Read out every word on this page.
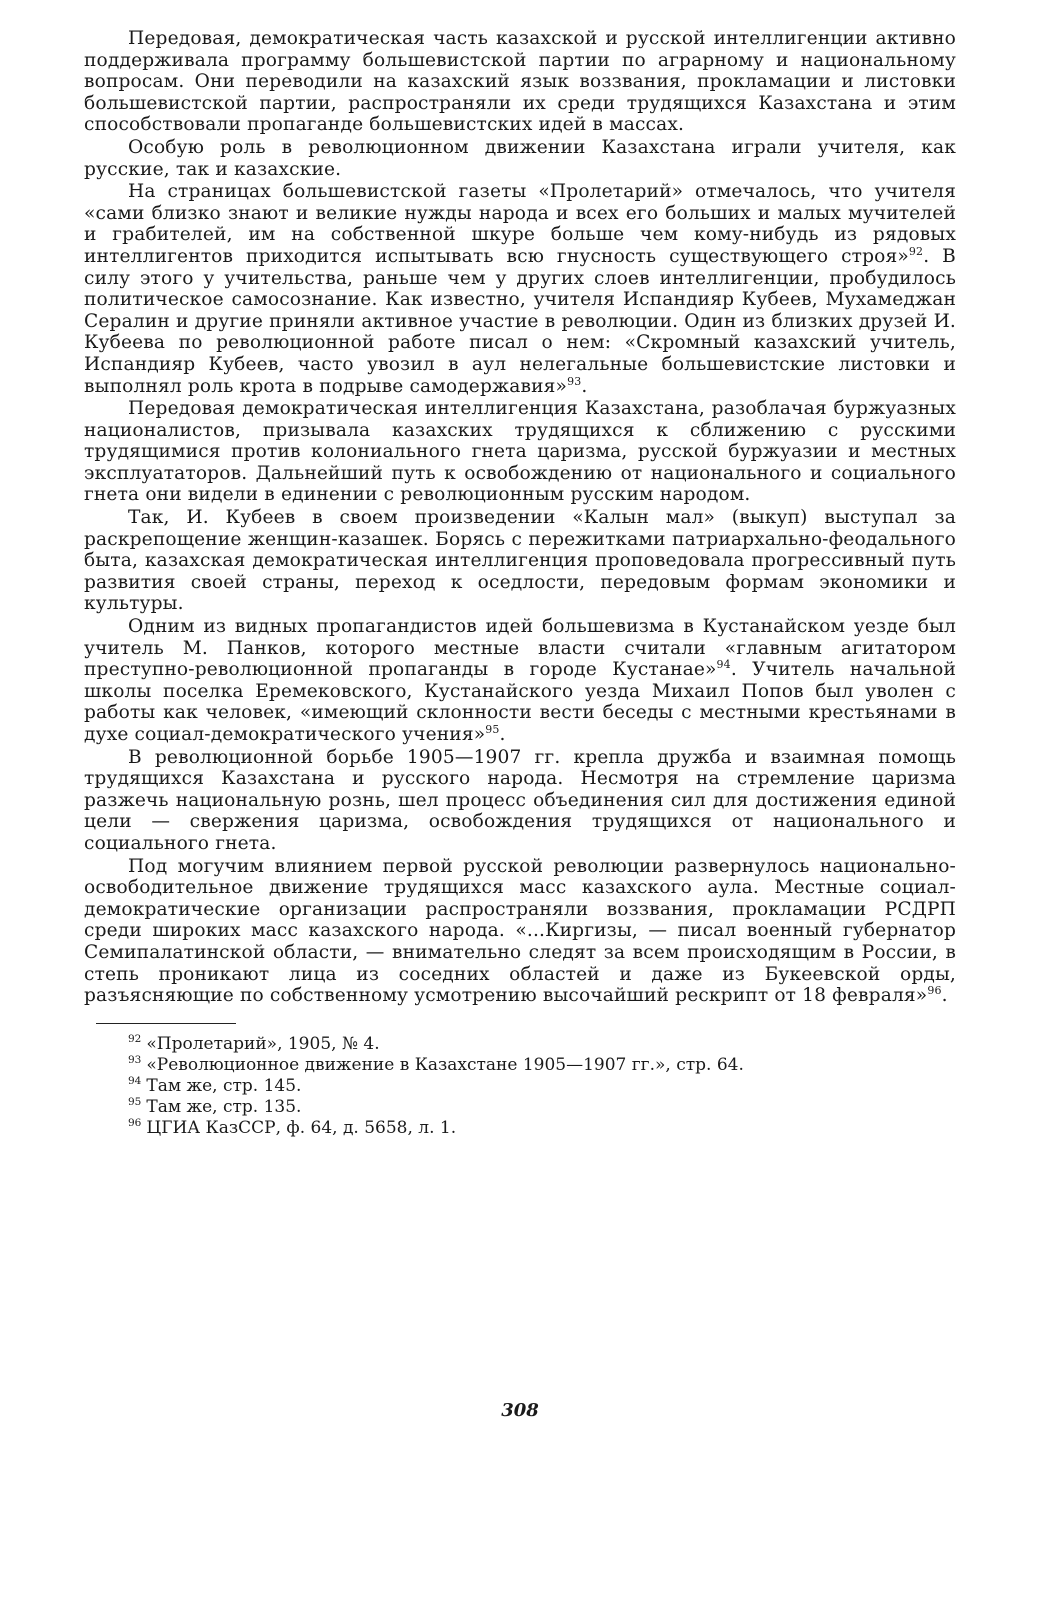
Передовая, демократическая часть казахской и русской интеллигенции активно поддерживала программу большевистской партии по аграрному и национальному вопросам. Они переводили на казахский язык воззвания, прокламации и листовки большевистской партии, распространяли их среди трудящихся Казахстана и этим способствовали пропаганде большевистских идей в массах.

Особую роль в революционном движении Казахстана играли учителя, как русские, так и казахские.

На страницах большевистской газеты «Пролетарий» отмечалось, что учителя «сами близко знают и великие нужды народа и всех его больших и малых мучителей и грабителей, им на собственной шкуре больше чем кому-нибудь из рядовых интеллигентов приходится испытывать всю гнусность существующего строя»$^{92}$. В силу этого у учительства, раньше чем у других слоев интеллигенции, пробудилось политическое самосознание. Как известно, учителя Испандияр Кубеев, Мухамеджан Сералин и другие приняли активное участие в революции. Один из близких друзей И. Кубеева по революционной работе писал о нем: «Скромный казахский учитель, Испандияр Кубеев, часто увозил в аул нелегальные большевистские листовки и выполнял роль крота в подрыве самодержавия»$^{93}$.

Передовая демократическая интеллигенция Казахстана, разоблачая буржуазных националистов, призывала казахских трудящихся к сближению с русскими трудящимися против колониального гнета царизма, русской буржуазии и местных эксплуататоров. Дальнейший путь к освобождению от национального и социального гнета они видели в единении с революционным русским народом.

Так, И. Кубеев в своем произведении «Калын мал» (выкуп) выступал за раскрепощение женщин-казашек. Борясь с пережитками патриархально-феодального быта, казахская демократическая интеллигенция проповедовала прогрессивный путь развития своей страны, переход к оседлости, передовым формам экономики и культуры.

Одним из видных пропагандистов идей большевизма в Кустанайском уезде был учитель М. Панков, которого местные власти считали «главным агитатором преступно-революционной пропаганды в городе Кустанае»$^{94}$. Учитель начальной школы поселка Еремековского, Кустанайского уезда Михаил Попов был уволен с работы как человек, «имеющий склонности вести беседы с местными крестьянами в духе социал-демократического учения»$^{95}$.

В революционной борьбе 1905—1907 гг. крепла дружба и взаимная помощь трудящихся Казахстана и русского народа. Несмотря на стремление царизма разжечь национальную рознь, шел процесс объединения сил для достижения единой цели — свержения царизма, освобождения трудящихся от национального и социального гнета.

Под могучим влиянием первой русской революции развернулось национально-освободительное движение трудящихся масс казахского аула. Местные социал-демократические организации распространяли воззвания, прокламации РСДРП среди широких масс казахского народа. «...Киргизы, — писал военный губернатор Семипалатинской области, — внимательно следят за всем происходящим в России, в степь проникают лица из соседних областей и даже из Букеевской орды, разъясняющие по собственному усмотрению высочайший рескрипт от 18 февраля»$^{96}$.

$^{92}$ «Пролетарий», 1905, № 4.

$^{93}$ «Революционное движение в Казахстане 1905—1907 гг.», стр. 64.

$^{94}$ Там же, стр. 145.

$^{95}$ Там же, стр. 135.

$^{96}$ ЦГИА КазССР, ф. 64, д. 5658, л. 1.

308
